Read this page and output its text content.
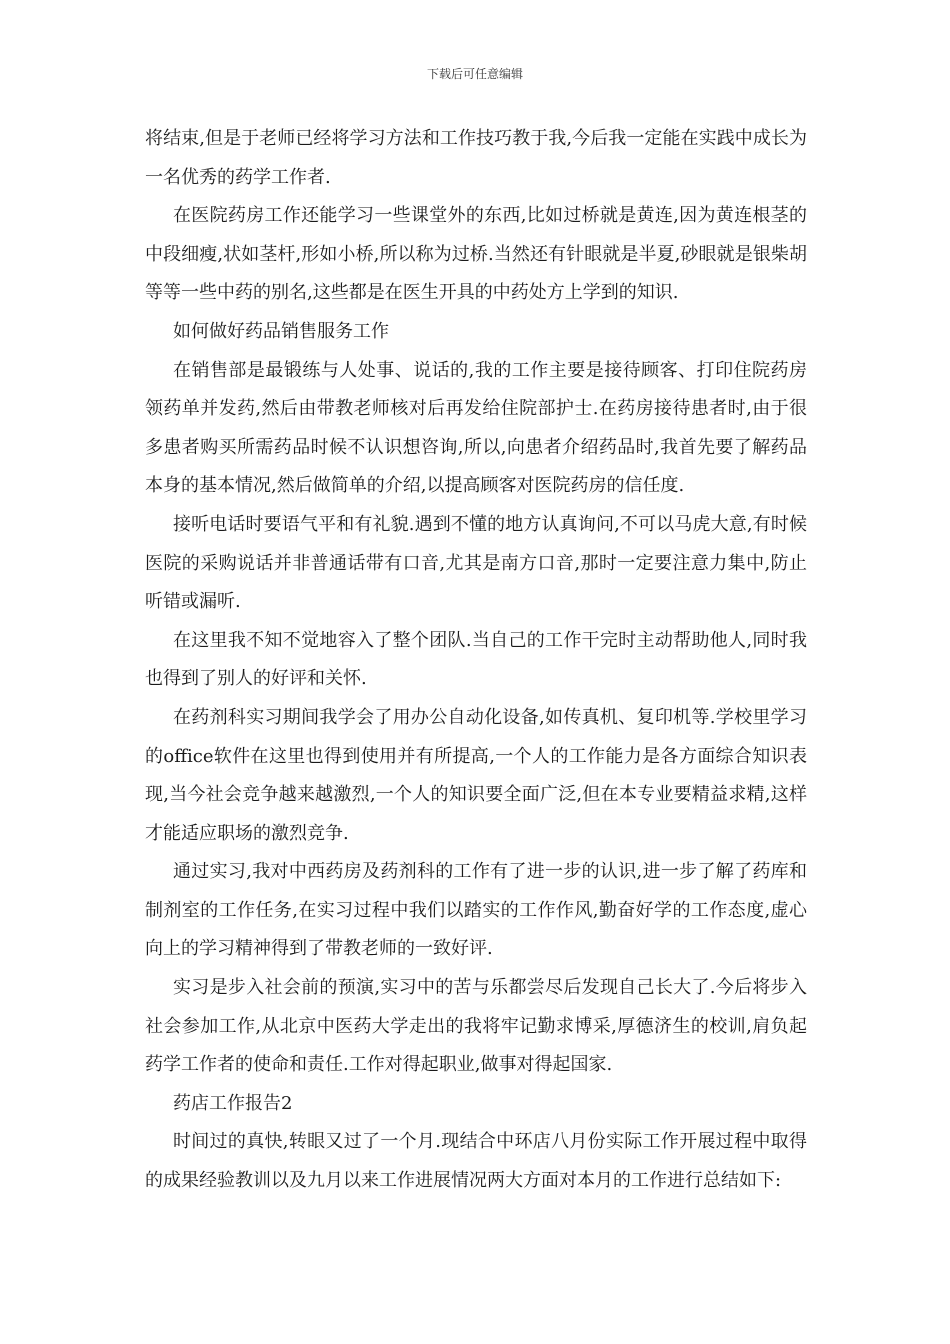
下载后可任意编辑

将结束,但是于老师已经将学习方法和工作技巧教于我,今后我一定能在实践中成长为一名优秀的药学工作者.

在医院药房工作还能学习一些课堂外的东西,比如过桥就是黄连,因为黄连根茎的中段细瘦,状如茎杆,形如小桥,所以称为过桥.当然还有针眼就是半夏,砂眼就是银柴胡等等一些中药的别名,这些都是在医生开具的中药处方上学到的知识.

如何做好药品销售服务工作

在销售部是最锻练与人处事、说话的,我的工作主要是接待顾客、打印住院药房领药单并发药,然后由带教老师核对后再发给住院部护士.在药房接待患者时,由于很多患者购买所需药品时候不认识想咨询,所以,向患者介绍药品时,我首先要了解药品本身的基本情况,然后做简单的介绍,以提高顾客对医院药房的信任度.

接听电话时要语气平和有礼貌.遇到不懂的地方认真询问,不可以马虎大意,有时候医院的采购说话并非普通话带有口音,尤其是南方口音,那时一定要注意力集中,防止听错或漏听.

在这里我不知不觉地容入了整个团队.当自己的工作干完时主动帮助他人,同时我也得到了别人的好评和关怀.

在药剂科实习期间我学会了用办公自动化设备,如传真机、复印机等.学校里学习的office软件在这里也得到使用并有所提高,一个人的工作能力是各方面综合知识表现,当今社会竞争越来越激烈,一个人的知识要全面广泛,但在本专业要精益求精,这样才能适应职场的激烈竞争.

通过实习,我对中西药房及药剂科的工作有了进一步的认识,进一步了解了药库和制剂室的工作任务,在实习过程中我们以踏实的工作作风,勤奋好学的工作态度,虚心向上的学习精神得到了带教老师的一致好评.

实习是步入社会前的预演,实习中的苦与乐都尝尽后发现自己长大了.今后将步入社会参加工作,从北京中医药大学走出的我将牢记勤求博采,厚德济生的校训,肩负起药学工作者的使命和责任.工作对得起职业,做事对得起国家.

药店工作报告2

时间过的真快,转眼又过了一个月.现结合中环店八月份实际工作开展过程中取得的成果经验教训以及九月以来工作进展情况两大方面对本月的工作进行总结如下:
